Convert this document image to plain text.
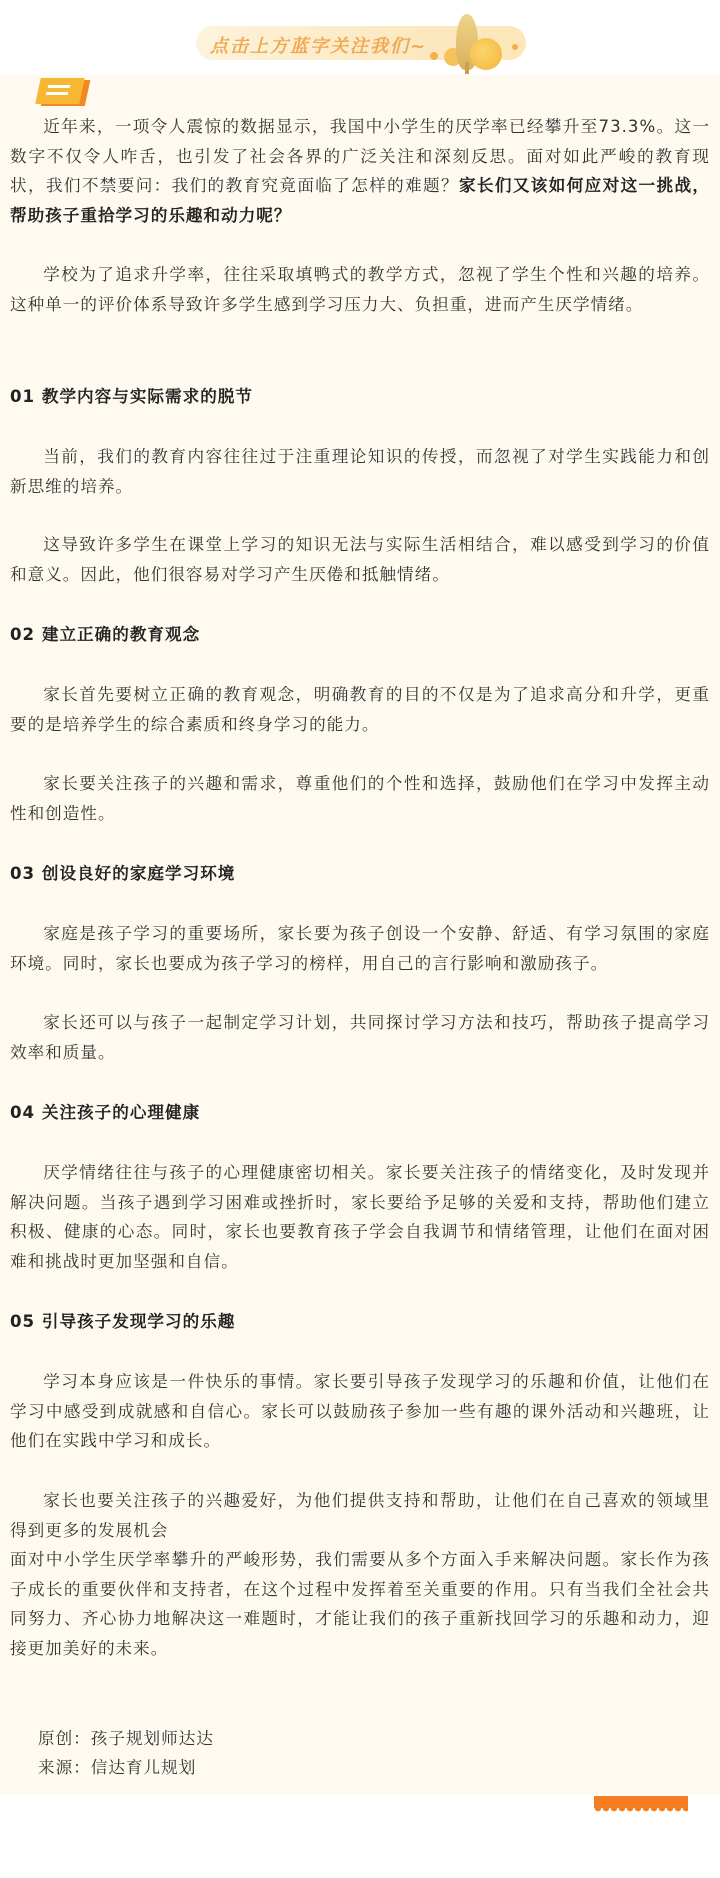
点击上方蓝字关注我们~

近年来，一项令人震惊的数据显示，我国中小学生的厌学率已经攀升至73.3%。这一数字不仅令人咋舌，也引发了社会各界的广泛关注和深刻反思。面对如此严峻的教育现状，我们不禁要问：我们的教育究竟面临了怎样的难题？家长们又该如何应对这一挑战，帮助孩子重拾学习的乐趣和动力呢？

学校为了追求升学率，往往采取填鸭式的教学方式，忽视了学生个性和兴趣的培养。这种单一的评价体系导致许多学生感到学习压力大、负担重，进而产生厌学情绪。

01 教学内容与实际需求的脱节

当前，我们的教育内容往往过于注重理论知识的传授，而忽视了对学生实践能力和创新思维的培养。

这导致许多学生在课堂上学习的知识无法与实际生活相结合，难以感受到学习的价值和意义。因此，他们很容易对学习产生厌倦和抵触情绪。

02 建立正确的教育观念

家长首先要树立正确的教育观念，明确教育的目的不仅是为了追求高分和升学，更重要的是培养学生的综合素质和终身学习的能力。

家长要关注孩子的兴趣和需求，尊重他们的个性和选择，鼓励他们在学习中发挥主动性和创造性。

03 创设良好的家庭学习环境

家庭是孩子学习的重要场所，家长要为孩子创设一个安静、舒适、有学习氛围的家庭环境。同时，家长也要成为孩子学习的榜样，用自己的言行影响和激励孩子。

家长还可以与孩子一起制定学习计划，共同探讨学习方法和技巧，帮助孩子提高学习效率和质量。

04 关注孩子的心理健康

厌学情绪往往与孩子的心理健康密切相关。家长要关注孩子的情绪变化，及时发现并解决问题。当孩子遇到学习困难或挫折时，家长要给予足够的关爱和支持，帮助他们建立积极、健康的心态。同时，家长也要教育孩子学会自我调节和情绪管理，让他们在面对困难和挑战时更加坚强和自信。

05 引导孩子发现学习的乐趣

学习本身应该是一件快乐的事情。家长要引导孩子发现学习的乐趣和价值，让他们在学习中感受到成就感和自信心。家长可以鼓励孩子参加一些有趣的课外活动和兴趣班，让他们在实践中学习和成长。

家长也要关注孩子的兴趣爱好，为他们提供支持和帮助，让他们在自己喜欢的领域里得到更多的发展机会

面对中小学生厌学率攀升的严峻形势，我们需要从多个方面入手来解决问题。家长作为孩子成长的重要伙伴和支持者，在这个过程中发挥着至关重要的作用。只有当我们全社会共同努力、齐心协力地解决这一难题时，才能让我们的孩子重新找回学习的乐趣和动力，迎接更加美好的未来。

原创：孩子规划师达达
来源：信达育儿规划
